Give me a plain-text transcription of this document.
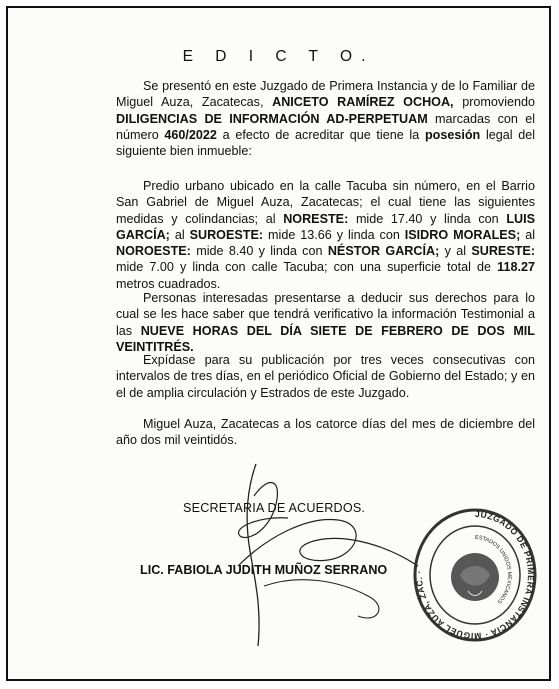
E D I C T O.
Se presentó en este Juzgado de Primera Instancia y de lo Familiar de Miguel Auza, Zacatecas, ANICETO RAMÍREZ OCHOA, promoviendo DILIGENCIAS DE INFORMACIÓN AD-PERPETUAM marcadas con el número 460/2022 a efecto de acreditar que tiene la posesión legal del siguiente bien inmueble:
Predio urbano ubicado en la calle Tacuba sin número, en el Barrio San Gabriel de Miguel Auza, Zacatecas; el cual tiene las siguientes medidas y colindancias; al NORESTE: mide 17.40 y linda con LUIS GARCÍA; al SUROESTE: mide 13.66 y linda con ISIDRO MORALES; al NOROESTE: mide 8.40 y linda con NÉSTOR GARCÍA; y al SURESTE: mide 7.00 y linda con calle Tacuba; con una superficie total de 118.27 metros cuadrados.
Personas interesadas presentarse a deducir sus derechos para lo cual se les hace saber que tendrá verificativo la información Testimonial a las NUEVE HORAS DEL DÍA SIETE DE FEBRERO DE DOS MIL VEINTITRÉS.
Expídase para su publicación por tres veces consecutivas con intervalos de tres días, en el periódico Oficial de Gobierno del Estado; y en el de amplia circulación y Estrados de este Juzgado.
Miguel Auza, Zacatecas a los catorce días del mes de diciembre del año dos mil veintidós.
SECRETARIA DE ACUERDOS.
LIC. FABIOLA JUDITH MUÑOZ SERRANO
JUZGADO DE PRIMERA INSTANCIA · MIGUEL AUZA, ZAC. ·
ESTADOS UNIDOS MEXICANOS
